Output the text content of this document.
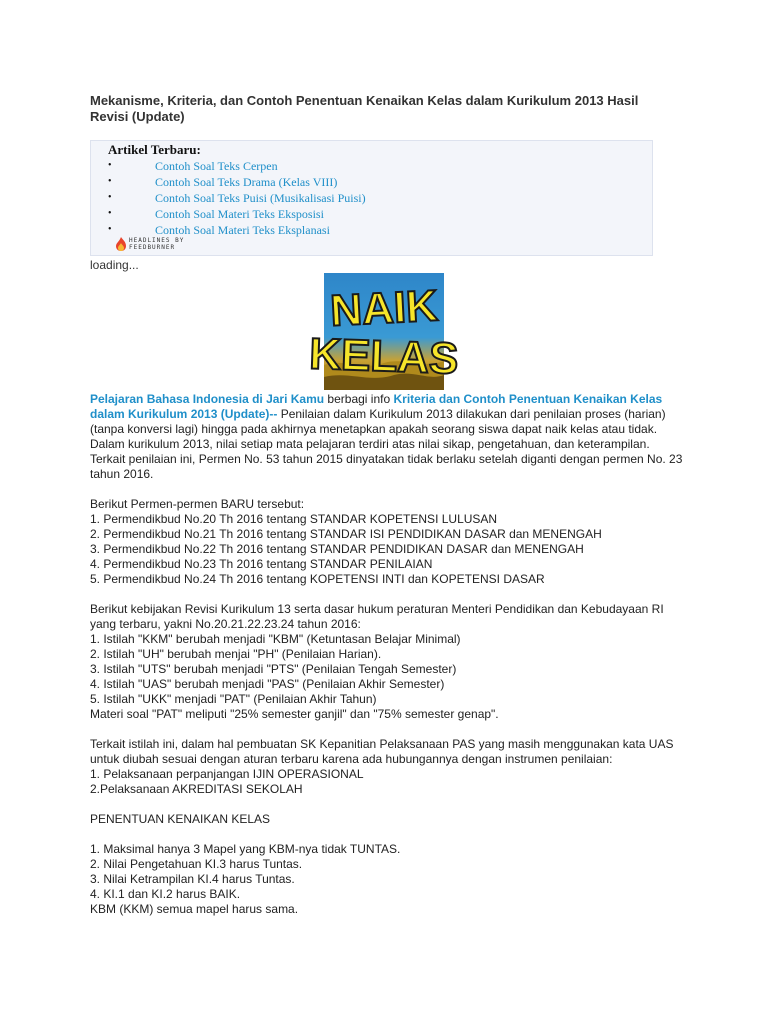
Mekanisme, Kriteria, dan Contoh Penentuan Kenaikan Kelas dalam Kurikulum 2013 Hasil Revisi (Update)
Artikel Terbaru:
•	Contoh Soal Teks Cerpen
•	Contoh Soal Teks Drama (Kelas VIII)
•	Contoh Soal Teks Puisi (Musikalisasi Puisi)
•	Contoh Soal Materi Teks Eksposisi
•	Contoh Soal Materi Teks Eksplanasi
HEADLINES BY
FEEDBURNER
loading...
NAIK
KELAS

Pelajaran Bahasa Indonesia di Jari Kamu berbagi info Kriteria dan Contoh Penentuan Kenaikan Kelas dalam Kurikulum 2013 (Update)-- Penilaian dalam Kurikulum 2013 dilakukan dari penilaian proses (harian) (tanpa konversi lagi) hingga pada akhirnya menetapkan apakah seorang siswa dapat naik kelas atau tidak. Dalam kurikulum 2013, nilai setiap mata pelajaran terdiri atas nilai sikap, pengetahuan, dan keterampilan.

Terkait penilaian ini, Permen No. 53 tahun 2015 dinyatakan tidak berlaku setelah diganti dengan permen No. 23 tahun 2016.

Berikut Permen-permen BARU tersebut:

1. Permendikbud No.20 Th 2016 tentang STANDAR KOPETENSI LULUSAN

2. Permendikbud No.21 Th 2016 tentang STANDAR ISI PENDIDIKAN DASAR dan MENENGAH

3. Permendikbud No.22 Th 2016 tentang STANDAR PENDIDIKAN DASAR dan MENENGAH

4. Permendikbud No.23 Th 2016 tentang STANDAR PENILAIAN

5. Permendikbud No.24 Th 2016 tentang KOPETENSI INTI dan KOPETENSI DASAR

Berikut kebijakan Revisi Kurikulum 13 serta dasar hukum peraturan Menteri Pendidikan dan Kebudayaan RI yang terbaru, yakni No.20.21.22.23.24 tahun 2016:

1. Istilah "KKM" berubah menjadi "KBM" (Ketuntasan Belajar Minimal)

2. Istilah "UH" berubah menjai "PH" (Penilaian Harian).

3. Istilah "UTS" berubah menjadi "PTS" (Penilaian Tengah Semester)

4. Istilah "UAS" berubah menjadi "PAS" (Penilaian Akhir Semester)

5. Istilah "UKK" menjadi "PAT" (Penilaian Akhir Tahun)

Materi soal "PAT" meliputi "25% semester ganjil" dan "75% semester genap".

Terkait istilah ini, dalam hal pembuatan SK Kepanitian Pelaksanaan PAS yang masih menggunakan kata UAS untuk diubah sesuai dengan aturan terbaru karena ada hubungannya dengan instrumen penilaian:

1. Pelaksanaan perpanjangan IJIN OPERASIONAL

2.Pelaksanaan AKREDITASI SEKOLAH

PENENTUAN KENAIKAN KELAS

1. Maksimal hanya 3 Mapel yang KBM-nya tidak TUNTAS.

2. Nilai Pengetahuan KI.3 harus Tuntas.

3. Nilai Ketrampilan KI.4 harus Tuntas.

4. KI.1 dan KI.2 harus BAIK.

KBM (KKM) semua mapel harus sama.
